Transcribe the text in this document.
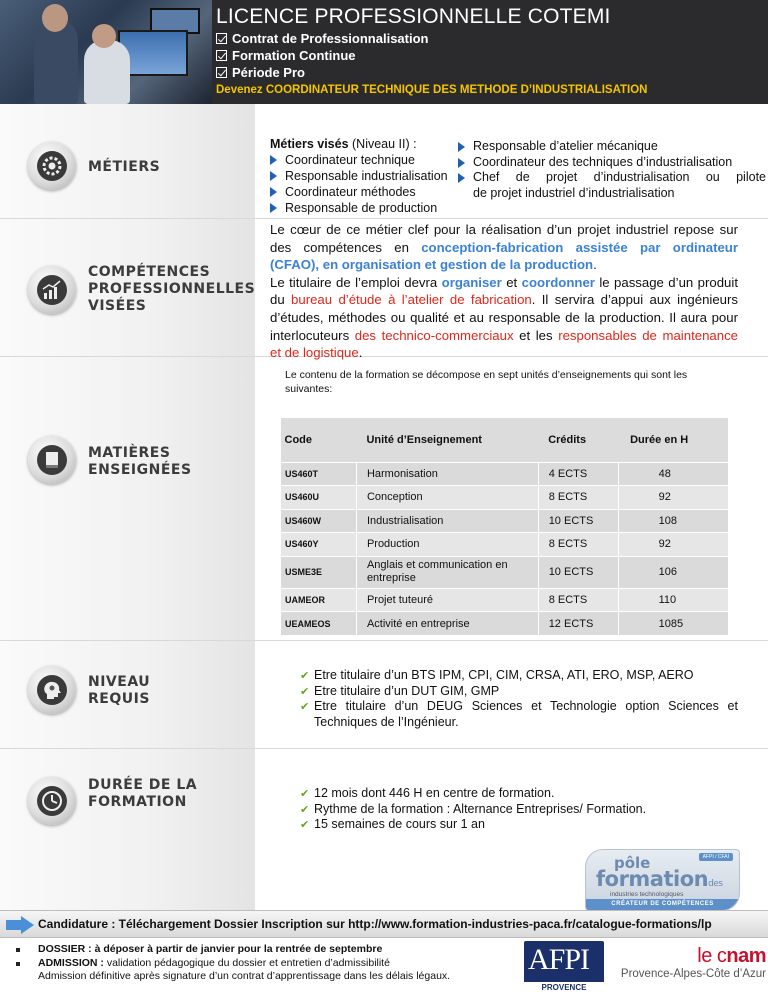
LICENCE PROFESSIONNELLE COTEMI
Contrat de Professionnalisation
Formation Continue
Période Pro
Devenez COORDINATEUR TECHNIQUE DES METHODE D’INDUSTRIALISATION
MÉTIERS
COMPÉTENCES
PROFESSIONNELLES
VISÉES
MATIÈRES
ENSEIGNÉES
NIVEAU
REQUIS
DURÉE DE LA
FORMATION
Métiers visés (Niveau II) :
Coordinateur technique
Responsable industrialisation
Coordinateur méthodes
Responsable de production
Responsable d’atelier mécanique
Coordinateur des techniques d’industrialisation
Chef de projet d’industrialisation ou pilote
de projet industriel d’industrialisation
Le cœur de ce métier clef pour la réalisation d’un projet industriel repose sur des compétences en conception-fabrication assistée par ordinateur (CFAO), en organisation et gestion de la production.
Le titulaire de l’emploi devra organiser et coordonner le passage d’un produit du bureau d’étude à l’atelier de fabrication. Il servira d’appui aux ingénieurs d’études, méthodes ou qualité et au responsable de la production. Il aura pour interlocuteurs des technico-commerciaux et les responsables de maintenance et de logistique.
Le contenu de la formation se décompose en sept unités d’enseignements qui sont les suivantes:
Code	Unité d’Enseignement	Crédits	Durée en H
US460T	Harmonisation	4 ECTS	48
US460U	Conception	8 ECTS	92
US460W	Industrialisation	10 ECTS	108
US460Y	Production	8 ECTS	92
USME3E	Anglais et communication en entreprise	10 ECTS	106
UAMEOR	Projet tuteuré	8 ECTS	110
UEAMEOS	Activité en entreprise	12 ECTS	1085
✔ Etre titulaire d’un BTS IPM, CPI, CIM, CRSA, ATI, ERO, MSP, AERO
✔ Etre titulaire d’un DUT GIM, GMP
✔ Etre titulaire d’un DEUG Sciences et Technologie option Sciences et Techniques de l’Ingénieur.
✔ 12 mois dont 446 H en centre de formation.
✔ Rythme de la formation : Alternance Entreprises/ Formation.
✔ 15 semaines de cours sur 1 an
AFPI / CFAI
pôle
formationdes
industries technologiques
CRÉATEUR DE COMPÉTENCES
Candidature : Téléchargement Dossier Inscription sur http://www.formation-industries-paca.fr/catalogue-formations/lp
DOSSIER : à déposer à partir de janvier pour la rentrée de septembre
ADMISSION : validation pédagogique du dossier et entretien d’admissibilité
Admission définitive après signature d’un contrat d’apprentissage dans les délais légaux.	AFPI
PROVENCE
le cnam
Provence-Alpes-Côte d’Azur
